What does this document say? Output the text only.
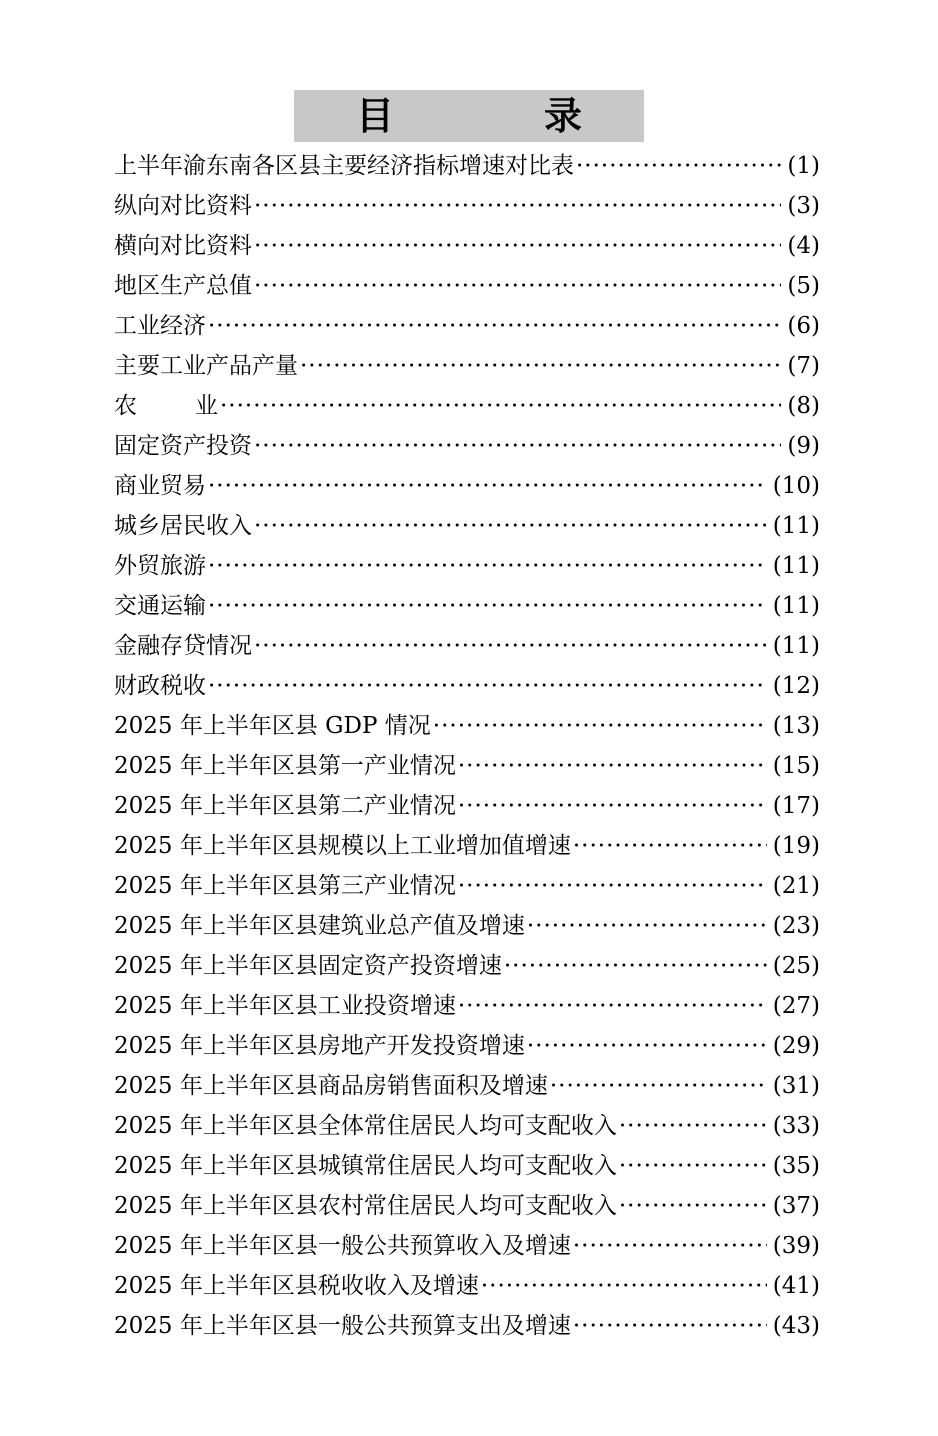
目　录
上半年渝东南各区县主要经济指标增速对比表 ·····	(1)
纵向对比资料 ·····	(3)
横向对比资料 ·····	(4)
地区生产总值 ·····	(5)
工业经济 ·····	(6)
主要工业产品产量 ·····	(7)
农	业 ·····	(8)
固定资产投资 ·····	(9)
商业贸易 ·····	(10)
城乡居民收入 ·····	(11)
外贸旅游 ·····	(11)
交通运输 ·····	(11)
金融存贷情况 ·····	(11)
财政税收 ·····	(12)
2025 年上半年区县 GDP 情况 ·····	(13)
2025 年上半年区县第一产业情况 ·····	(15)
2025 年上半年区县第二产业情况 ·····	(17)
2025 年上半年区县规模以上工业增加值增速 ·····	(19)
2025 年上半年区县第三产业情况 ·····	(21)
2025 年上半年区县建筑业总产值及增速 ·····	(23)
2025 年上半年区县固定资产投资增速 ·····	(25)
2025 年上半年区县工业投资增速 ·····	(27)
2025 年上半年区县房地产开发投资增速 ·····	(29)
2025 年上半年区县商品房销售面积及增速 ·····	(31)
2025 年上半年区县全体常住居民人均可支配收入 ·····	(33)
2025 年上半年区县城镇常住居民人均可支配收入 ·····	(35)
2025 年上半年区县农村常住居民人均可支配收入 ·····	(37)
2025 年上半年区县一般公共预算收入及增速 ·····	(39)
2025 年上半年区县税收收入及增速 ·····	(41)
2025 年上半年区县一般公共预算支出及增速 ·····	(43)
